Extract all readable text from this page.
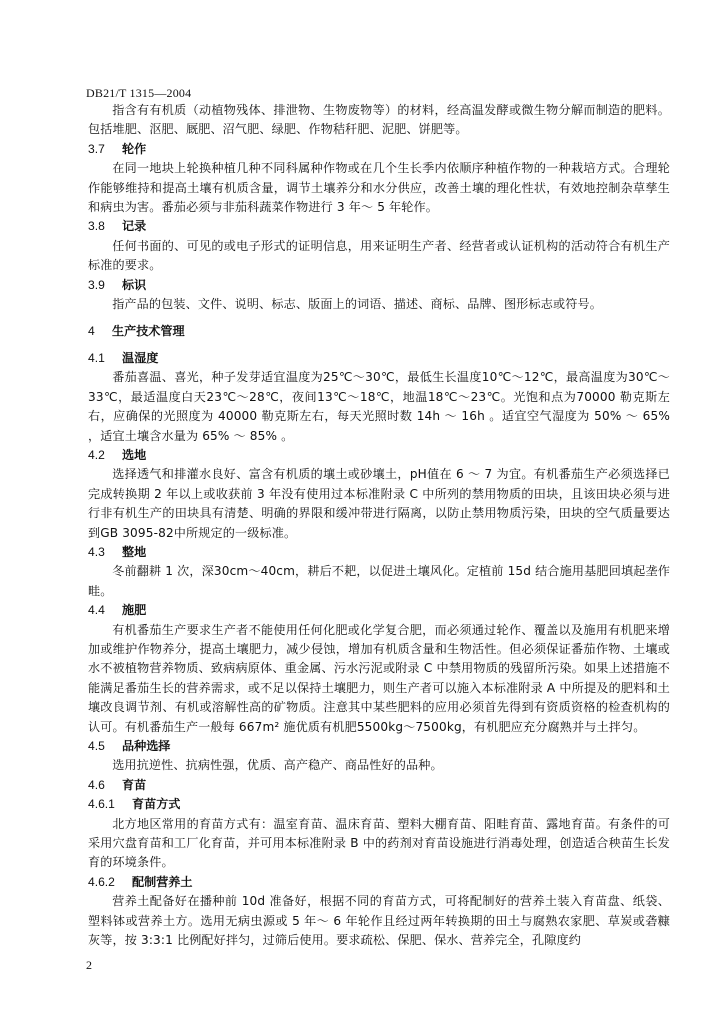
DB21/T 1315—2004

指含有有机质（动植物残体、排泄物、生物废物等）的材料，经高温发酵或微生物分解而制造的肥料。 包括堆肥、沤肥、厩肥、沼气肥、绿肥、作物秸秆肥、泥肥、饼肥等。

3.7 轮作

在同一地块上轮换种植几种不同科属种作物或在几个生长季内依顺序种植作物的一种栽培方式。合理轮作能够维持和提高土壤有机质含量，调节土壤养分和水分供应，改善土壤的理化性状，有效地控制杂草孳生和病虫为害。番茄必须与非茄科蔬菜作物进行 3 年～ 5 年轮作。

3.8 记录

任何书面的、可见的或电子形式的证明信息，用来证明生产者、经营者或认证机构的活动符合有机生产标准的要求。

3.9 标识

指产品的包装、文件、说明、标志、版面上的词语、描述、商标、品牌、图形标志或符号。

4 生产技术管理
4.1 温湿度

番茄喜温、喜光，种子发芽适宜温度为25℃～30℃，最低生长温度10℃～12℃，最高温度为30℃～33℃，最适温度白天23℃～28℃，夜间13℃～18℃，地温18℃～23℃。光饱和点为70000 勒克斯左右，应确保的光照度为 40000 勒克斯左右，每天光照时数 14h ～ 16h 。适宜空气湿度为 50% ～ 65% ，适宜土壤含水量为 65% ～ 85% 。

4.2 选地

选择透气和排灌水良好、富含有机质的壤土或砂壤土，pH值在 6 ～ 7 为宜。有机番茄生产必须选择已完成转换期 2 年以上或收获前 3 年没有使用过本标准附录 C 中所列的禁用物质的田块，且该田块必须与进行非有机生产的田块具有清楚、明确的界限和缓冲带进行隔离，以防止禁用物质污染，田块的空气质量要达到GB 3095-82中所规定的一级标准。

4.3 整地

冬前翻耕 1 次，深30cm～40cm，耕后不耙，以促进土壤风化。定植前 15d 结合施用基肥回填起垄作畦。

4.4 施肥

有机番茄生产要求生产者不能使用任何化肥或化学复合肥，而必须通过轮作、覆盖以及施用有机肥来增加或维护作物养分，提高土壤肥力，减少侵蚀，增加有机质含量和生物活性。但必须保证番茄作物、土壤或水不被植物营养物质、致病病原体、重金属、污水污泥或附录 C 中禁用物质的残留所污染。如果上述措施不能满足番茄生长的营养需求，或不足以保持土壤肥力，则生产者可以施入本标准附录 A 中所提及的肥料和土壤改良调节剂、有机或溶解性高的矿物质。注意其中某些肥料的应用必须首先得到有资质资格的检查机构的认可。有机番茄生产一般每 667m² 施优质有机肥5500kg～7500kg，有机肥应充分腐熟并与土拌匀。

4.5 品种选择

选用抗逆性、抗病性强，优质、高产稳产、商品性好的品种。

4.6 育苗
4.6.1 育苗方式

北方地区常用的育苗方式有：温室育苗、温床育苗、塑料大棚育苗、阳畦育苗、露地育苗。有条件的可采用穴盘育苗和工厂化育苗，并可用本标准附录 B 中的药剂对育苗设施进行消毒处理，创造适合秧苗生长发育的环境条件。

4.6.2 配制营养土

营养土配备好在播种前 10d 准备好，根据不同的育苗方式，可将配制好的营养土装入育苗盘、纸袋、塑料钵或营养土方。选用无病虫源或 5 年～ 6 年轮作且经过两年转换期的田土与腐熟农家肥、草炭或砻糠灰等，按 3:3:1 比例配好拌匀，过筛后使用。要求疏松、保肥、保水、营养完全，孔隙度约

2
